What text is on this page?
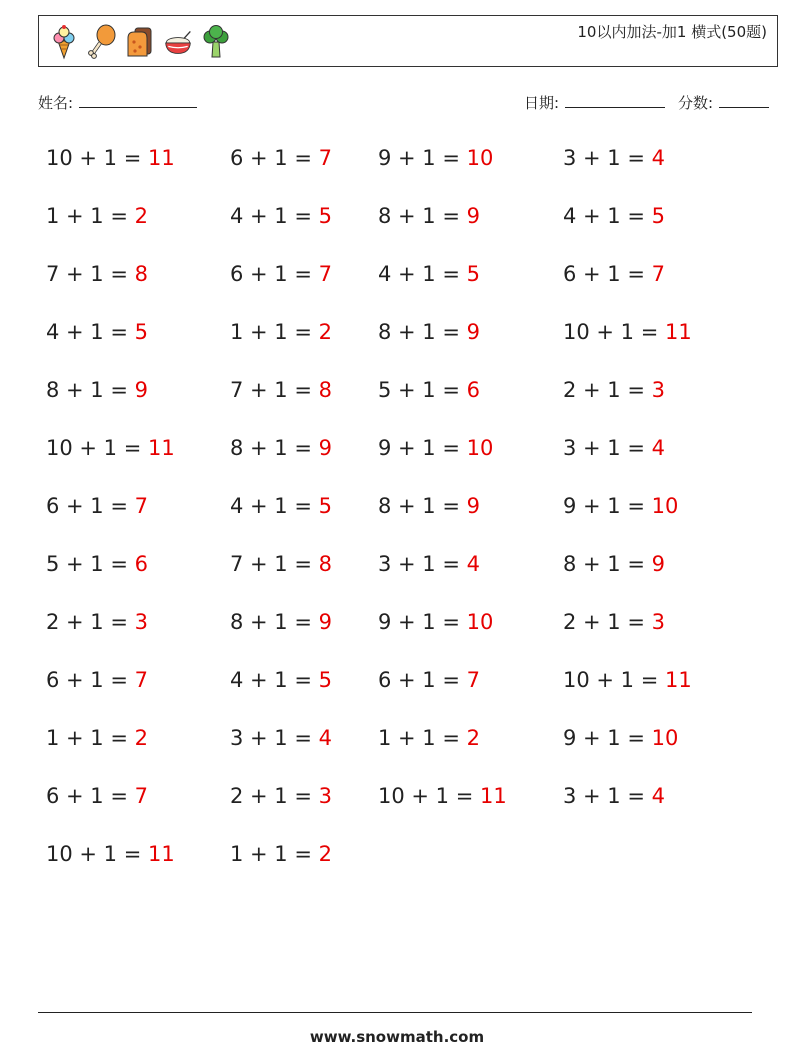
10以内加法-加1 横式(50题)
姓名:	日期:	分数:
10 + 1 = 11	6 + 1 = 7 9 + 1 = 10	3 + 1 = 4
1 + 1 = 2	4 + 1 = 5 8 + 1 = 9	4 + 1 = 5
7 + 1 = 8	6 + 1 = 7 4 + 1 = 5	6 + 1 = 7
4 + 1 = 5	1 + 1 = 2 8 + 1 = 9	10 + 1 = 11
8 + 1 = 9	7 + 1 = 8 5 + 1 = 6	2 + 1 = 3
10 + 1 = 11	8 + 1 = 9 9 + 1 = 10	3 + 1 = 4
6 + 1 = 7	4 + 1 = 5 8 + 1 = 9	9 + 1 = 10
5 + 1 = 6	7 + 1 = 8 3 + 1 = 4	8 + 1 = 9
2 + 1 = 3	8 + 1 = 9 9 + 1 = 10	2 + 1 = 3
6 + 1 = 7	4 + 1 = 5 6 + 1 = 7	10 + 1 = 11
1 + 1 = 2	3 + 1 = 4 1 + 1 = 2	9 + 1 = 10
6 + 1 = 7	2 + 1 = 3 10 + 1 = 11	3 + 1 = 4
10 + 1 = 11	1 + 1 = 2
www.snowmath.com
